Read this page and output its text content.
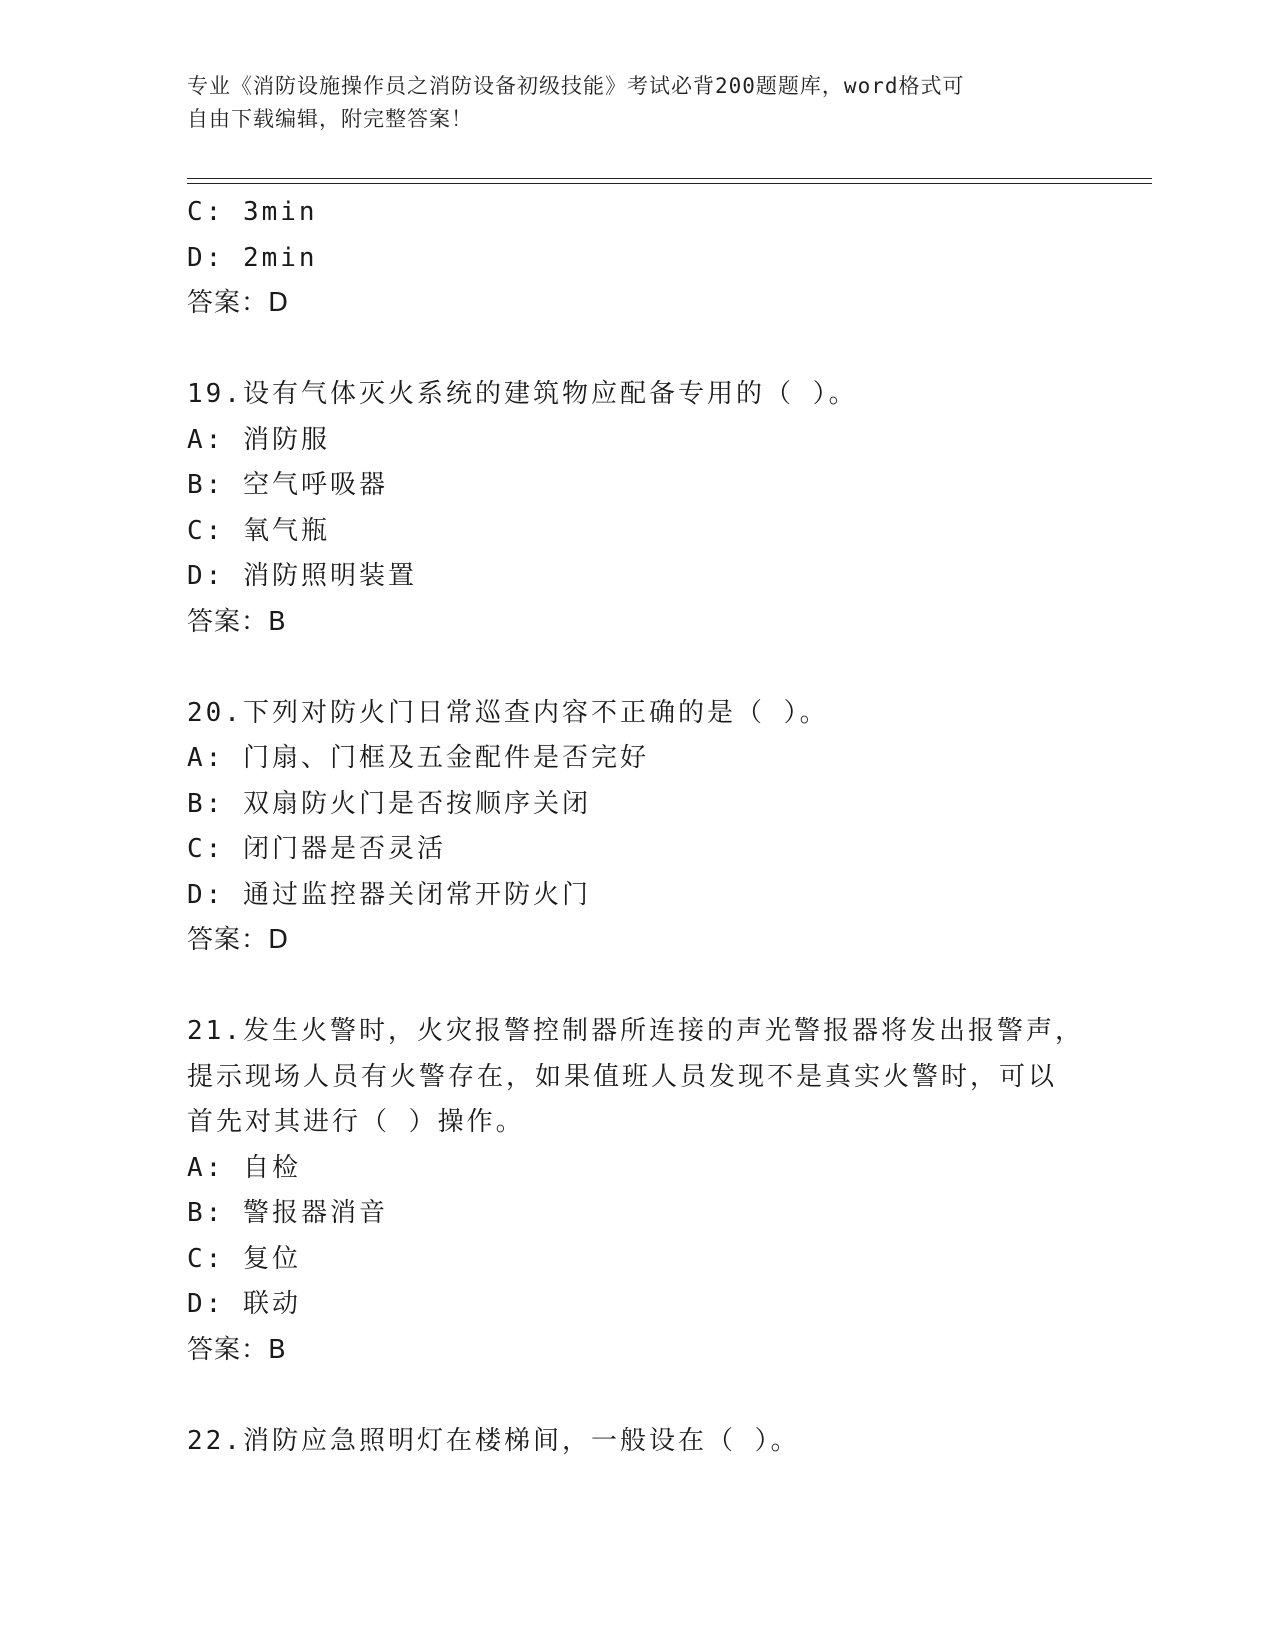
专业《消防设施操作员之消防设备初级技能》考试必背200题题库，word格式可
自由下载编辑，附完整答案！
C: 3min
D: 2min
答案：D
19.设有气体灭火系统的建筑物应配备专用的（ ）。
A: 消防服
B: 空气呼吸器
C: 氧气瓶
D: 消防照明装置
答案：B
20.下列对防火门日常巡查内容不正确的是（ ）。
A: 门扇、门框及五金配件是否完好
B: 双扇防火门是否按顺序关闭
C: 闭门器是否灵活
D: 通过监控器关闭常开防火门
答案：D
21.发生火警时，火灾报警控制器所连接的声光警报器将发出报警声，
提示现场人员有火警存在，如果值班人员发现不是真实火警时，可以
首先对其进行（ ）操作。
A: 自检
B: 警报器消音
C: 复位
D: 联动
答案：B
22.消防应急照明灯在楼梯间，一般设在（ ）。
